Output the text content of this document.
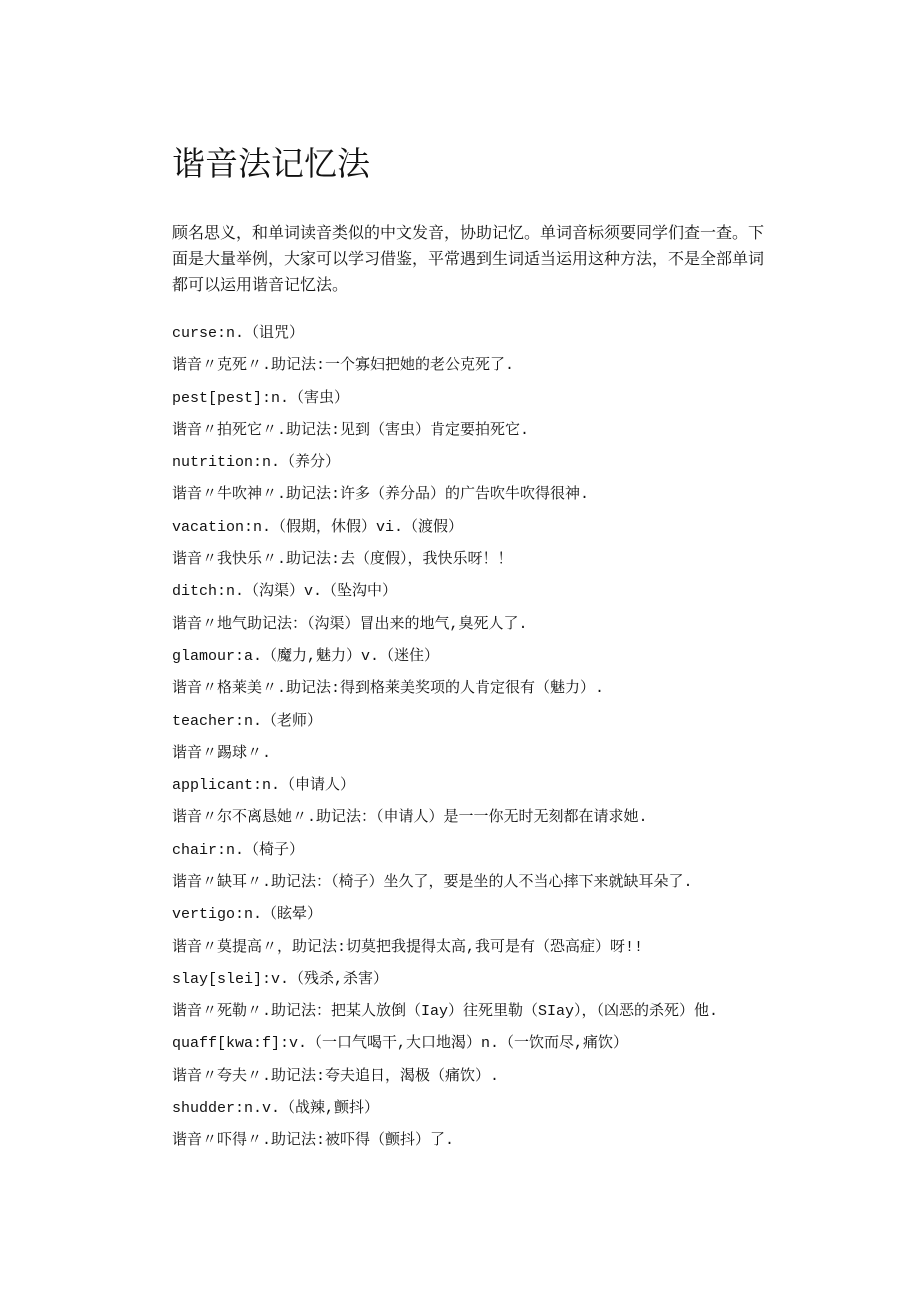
谐音法记忆法

顾名思义，和单词读音类似的中文发音，协助记忆。单词音标须要同学们查一查。下面是大量举例，大家可以学习借鉴，平常遇到生词适当运用这种方法，不是全部单词都可以运用谐音记忆法。

curse:n.（诅咒）
谐音〃克死〃.助记法:一个寡妇把她的老公克死了.
pest[pest]:n.（害虫）
谐音〃拍死它〃.助记法:见到（害虫）肯定要拍死它.
nutrition:n.（养分）
谐音〃牛吹神〃.助记法:许多（养分品）的广告吹牛吹得很神.
vacation:n.（假期，休假）vi.（渡假）
谐音〃我快乐〃.助记法:去（度假），我快乐呀！！
ditch:n.（沟渠）v.（坠沟中）
谐音〃地气助记法：（沟渠）冒出来的地气,臭死人了.
glamour:a.（魔力,魅力）v.（迷住）
谐音〃格莱美〃.助记法:得到格莱美奖项的人肯定很有（魅力）.
teacher:n.（老师）
谐音〃踢球〃.
applicant:n.（申请人）
谐音〃尔不离恳她〃.助记法：（申请人）是一一你无时无刻都在请求她.
chair:n.（椅子）
谐音〃缺耳〃.助记法：（椅子）坐久了，要是坐的人不当心摔下来就缺耳朵了.
vertigo:n.（眩晕）
谐音〃莫提高〃，助记法:切莫把我提得太高,我可是有（恐高症）呀!!
slay[slei]:v.（残杀,杀害）
谐音〃死勒〃.助记法：把某人放倒（Iay）往死里勒（SIay），（凶恶的杀死）他.
quaff[kwa:f]:v.（一口气喝干,大口地渴）n.（一饮而尽,痛饮）
谐音〃夸夫〃.助记法:夸夫追日，渴极（痛饮）.
shudder:n.v.（战辣,颤抖）
谐音〃吓得〃.助记法:被吓得（颤抖）了.
